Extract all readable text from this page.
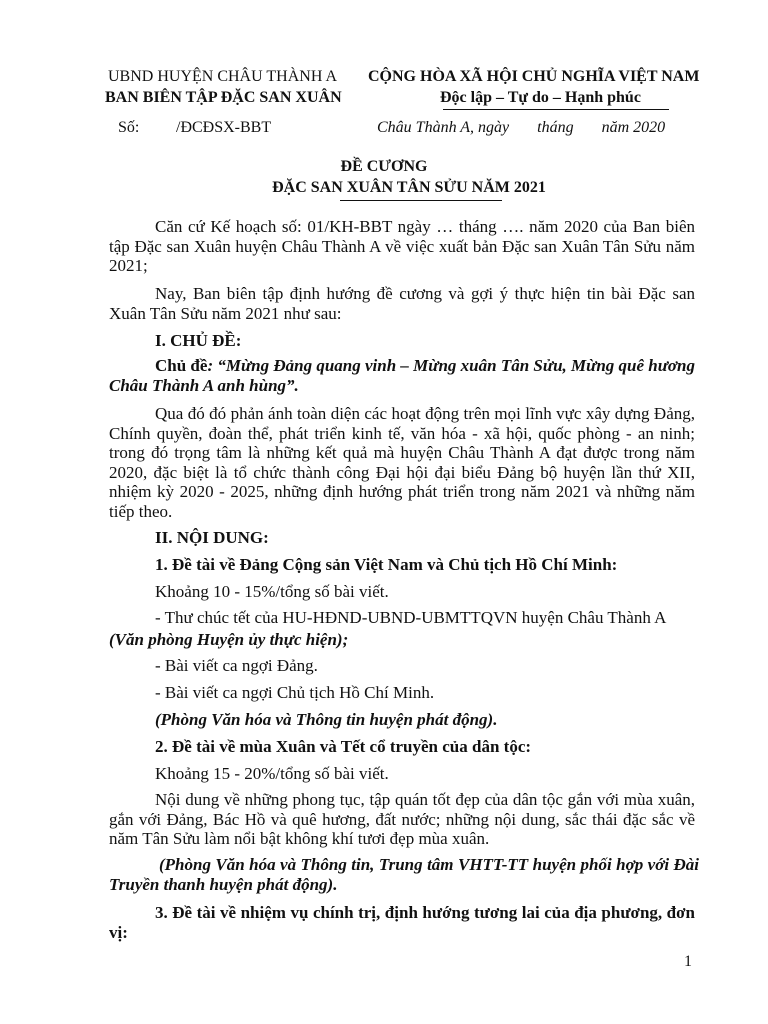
UBND HUYỆN CHÂU THÀNH A
BAN BIÊN TẬP ĐẶC SAN XUÂN
CỘNG HÒA XÃ HỘI CHỦ NGHĨA VIỆT NAM
Độc lập – Tự do – Hạnh phúc
Số: /ĐCĐSX-BBT	Châu Thành A, ngày       tháng       năm 2020
ĐỀ CƯƠNG
ĐẶC SAN XUÂN TÂN SỬU NĂM 2021
Căn cứ Kế hoạch số: 01/KH-BBT ngày … tháng …. năm 2020 của Ban biên tập Đặc san Xuân huyện Châu Thành A về việc xuất bản Đặc san Xuân Tân Sửu năm 2021;
Nay, Ban biên tập định hướng đề cương và gợi ý thực hiện tin bài Đặc san Xuân Tân Sửu năm 2021 như sau:
I. CHỦ ĐỀ:
Chủ đề: “Mừng Đảng quang vinh – Mừng xuân Tân Sửu, Mừng quê hương Châu Thành A anh hùng”.
Qua đó đó phản ánh toàn diện các hoạt động trên mọi lĩnh vực xây dựng Đảng, Chính quyền, đoàn thể, phát triển kinh tế, văn hóa - xã hội, quốc phòng - an ninh; trong đó trọng tâm là những kết quả mà huyện Châu Thành A đạt được trong năm 2020, đặc biệt là tổ chức thành công Đại hội đại biểu Đảng bộ huyện lần thứ XII, nhiệm kỳ 2020 - 2025, những định hướng phát triển trong năm 2021 và những năm tiếp theo.
II. NỘI DUNG:
1. Đề tài về Đảng Cộng sản Việt Nam và Chủ tịch Hồ Chí Minh:
Khoảng 10 - 15%/tổng số bài viết.
- Thư chúc tết của HU-HĐND-UBND-UBMTTQVN huyện Châu Thành A
(Văn phòng Huyện ủy thực hiện);
- Bài viết ca ngợi Đảng.
- Bài viết ca ngợi Chủ tịch Hồ Chí Minh.
(Phòng Văn hóa và Thông tin huyện phát động).
2. Đề tài về mùa Xuân và Tết cổ truyền của dân tộc:
Khoảng 15 - 20%/tổng số bài viết.
Nội dung về những phong tục, tập quán tốt đẹp của dân tộc gắn với mùa xuân, gắn với Đảng, Bác Hồ và quê hương, đất nước; những nội dung, sắc thái đặc sắc về năm Tân Sửu làm nổi bật không khí tươi đẹp mùa xuân.
(Phòng Văn hóa và Thông tin, Trung tâm VHTT-TT huyện phối hợp với Đài Truyền thanh huyện phát động).
3. Đề tài về nhiệm vụ chính trị, định hướng tương lai của địa phương, đơn vị:
1
